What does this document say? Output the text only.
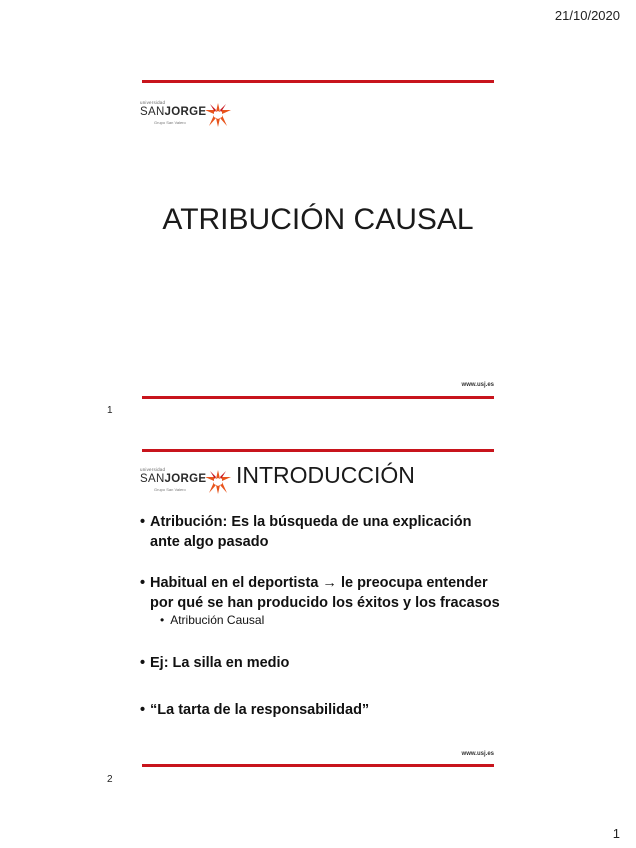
21/10/2020
1
universidad
SANJORGE
Grupo San Valero
ATRIBUCIÓN CAUSAL
www.usj.es
1
universidad
SANJORGE
Grupo San Valero
INTRODUCCIÓN
• Atribución: Es la búsqueda de una explicación ante algo pasado
• Habitual en el deportista → le preocupa entender por qué se han producido los éxitos y los fracasos
• Atribución Causal
• Ej: La silla en medio
• “La tarta de la responsabilidad”
www.usj.es
2
